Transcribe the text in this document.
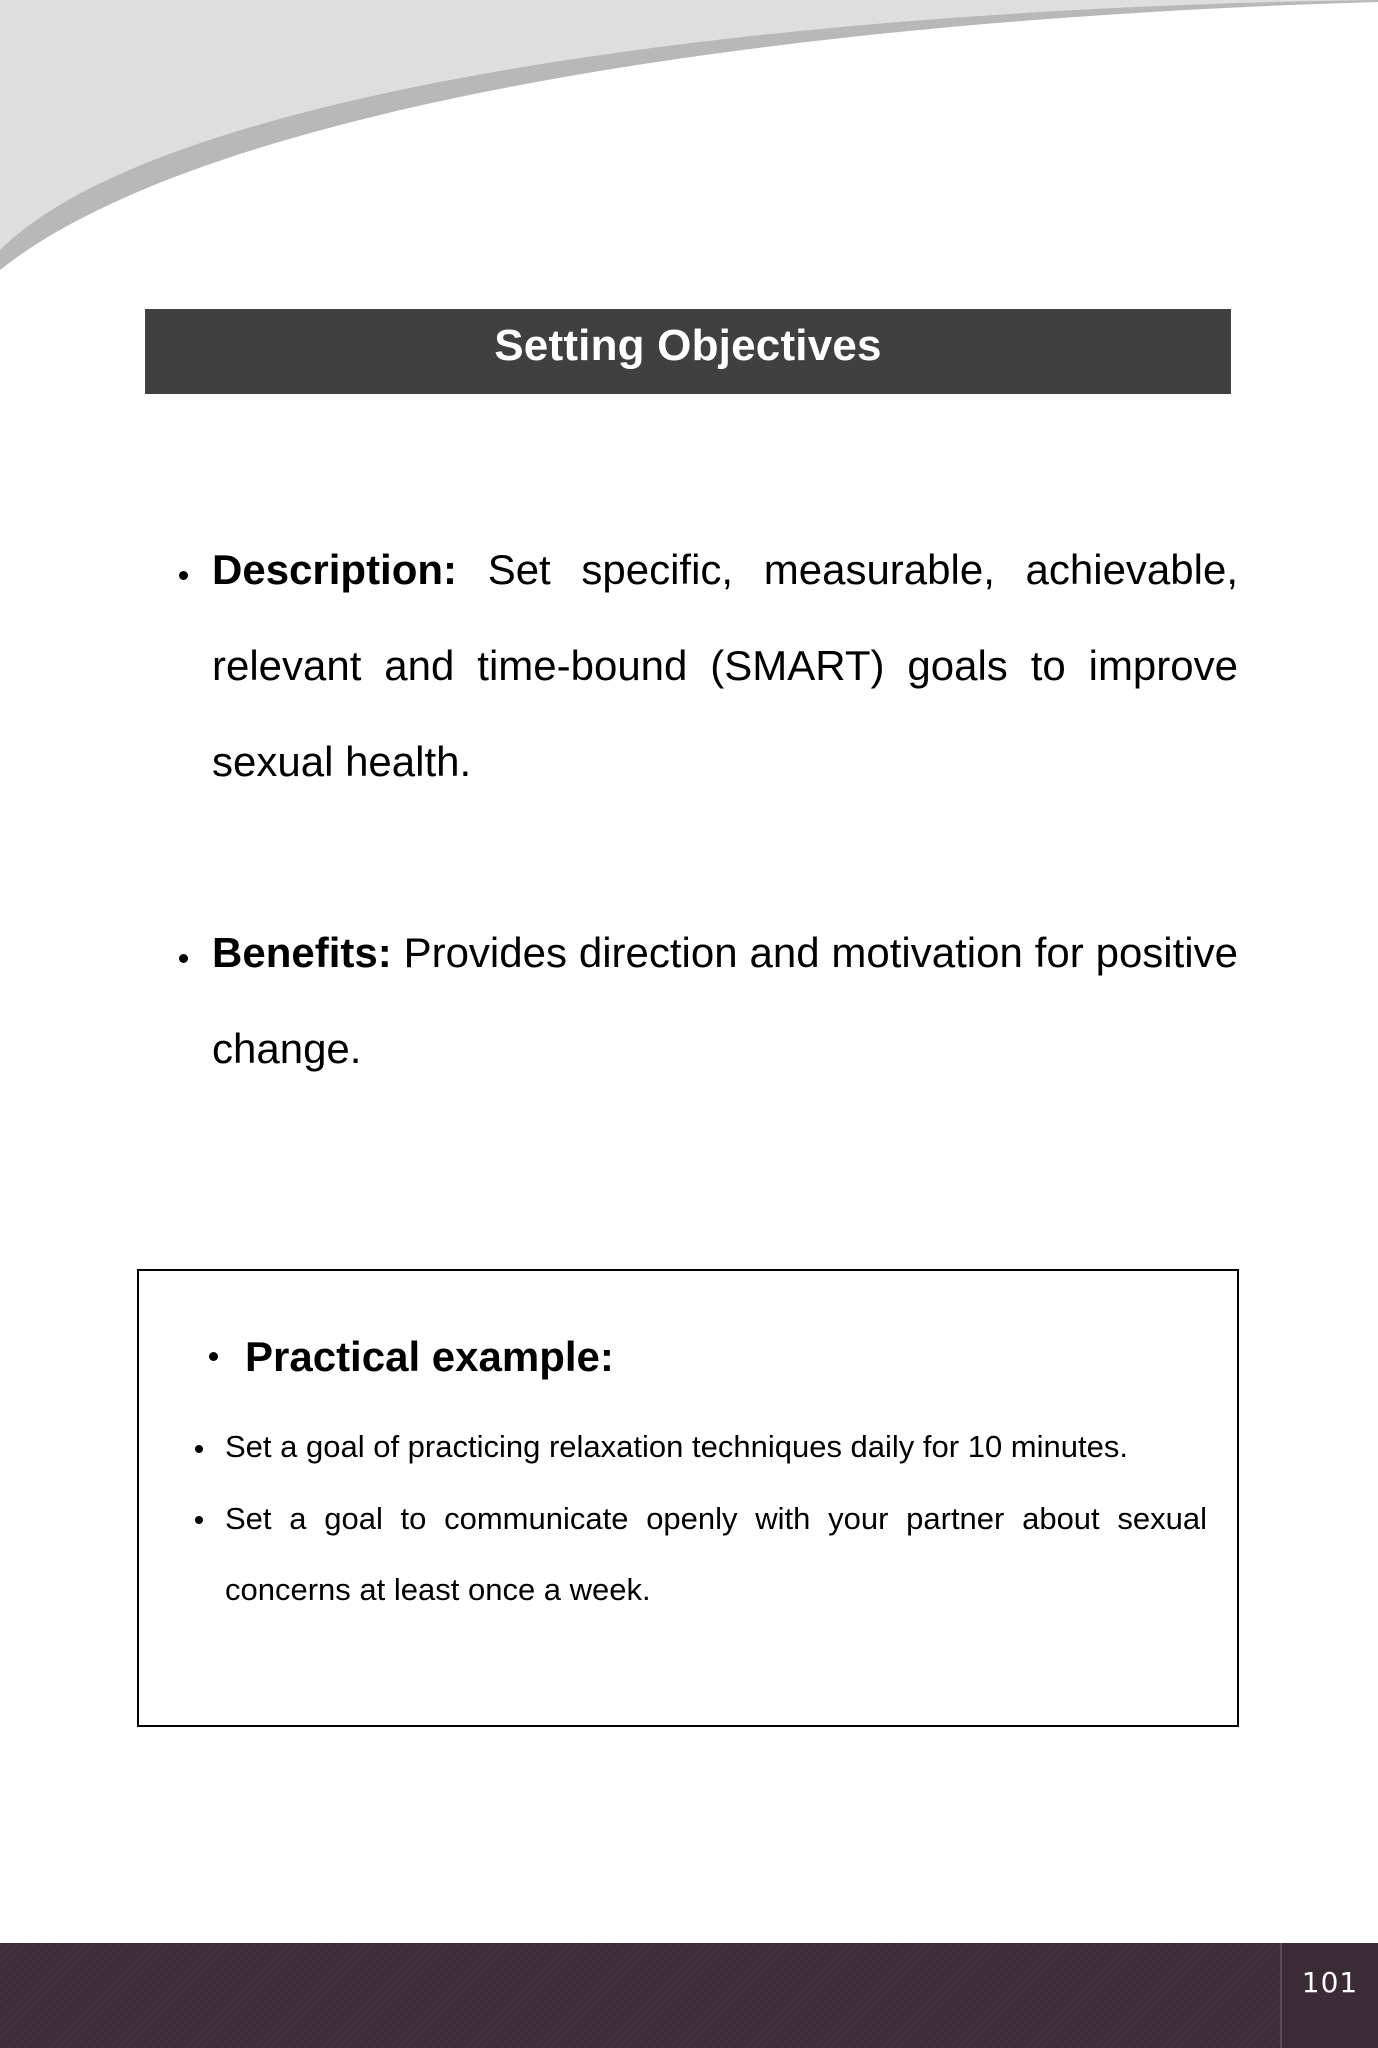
Setting Objectives
Description: Set specific, measurable, achievable, relevant and time-bound (SMART) goals to improve sexual health.
Benefits: Provides direction and motivation for positive change.
Practical example:
Set a goal of practicing relaxation techniques daily for 10 minutes.
Set a goal to communicate openly with your partner about sexual concerns at least once a week.
101
